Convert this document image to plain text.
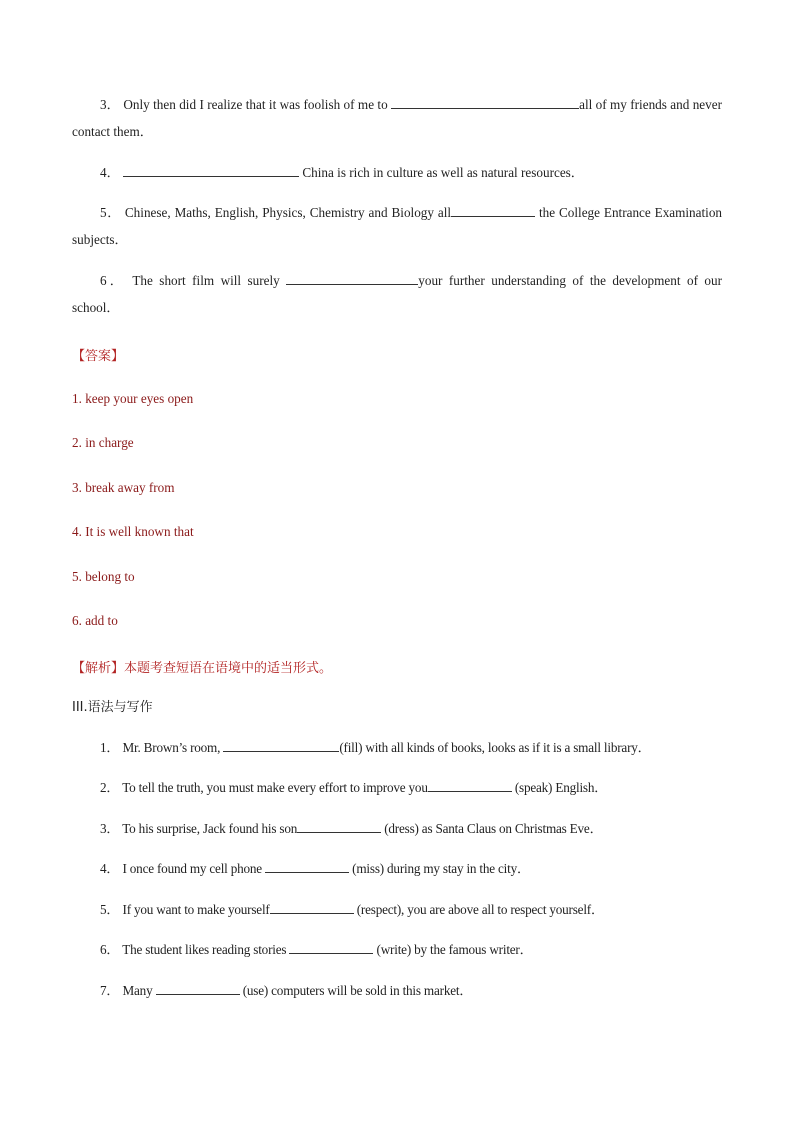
3． Only then did I realize that it was foolish of me to	all of my friends and never contact them．
4．	China is rich in culture as well as natural resources．
5． Chinese, Maths, English, Physics, Chemistry and Biology all	the College Entrance Examination subjects．
6． The short film will surely	your further understanding of the development of our school．
【答案】
1. keep your eyes open
2. in charge
3. break away from
4. It is well known that
5. belong to
6. add to
【解析】本题考查短语在语境中的适当形式。
III.语法与写作
1． Mr. Brown’s room,	(fill) with all kinds of books, looks as if it is a small library．
2． To tell the truth, you must make every effort to improve you	(speak) English．
3． To his surprise, Jack found his son	(dress) as Santa Claus on Christmas Eve．
4． I once found my cell phone	(miss) during my stay in the city．
5． If you want to make yourself	(respect), you are above all to respect yourself．
6． The student likes reading stories	(write) by the famous writer．
7． Many	(use) computers will be sold in this market．
